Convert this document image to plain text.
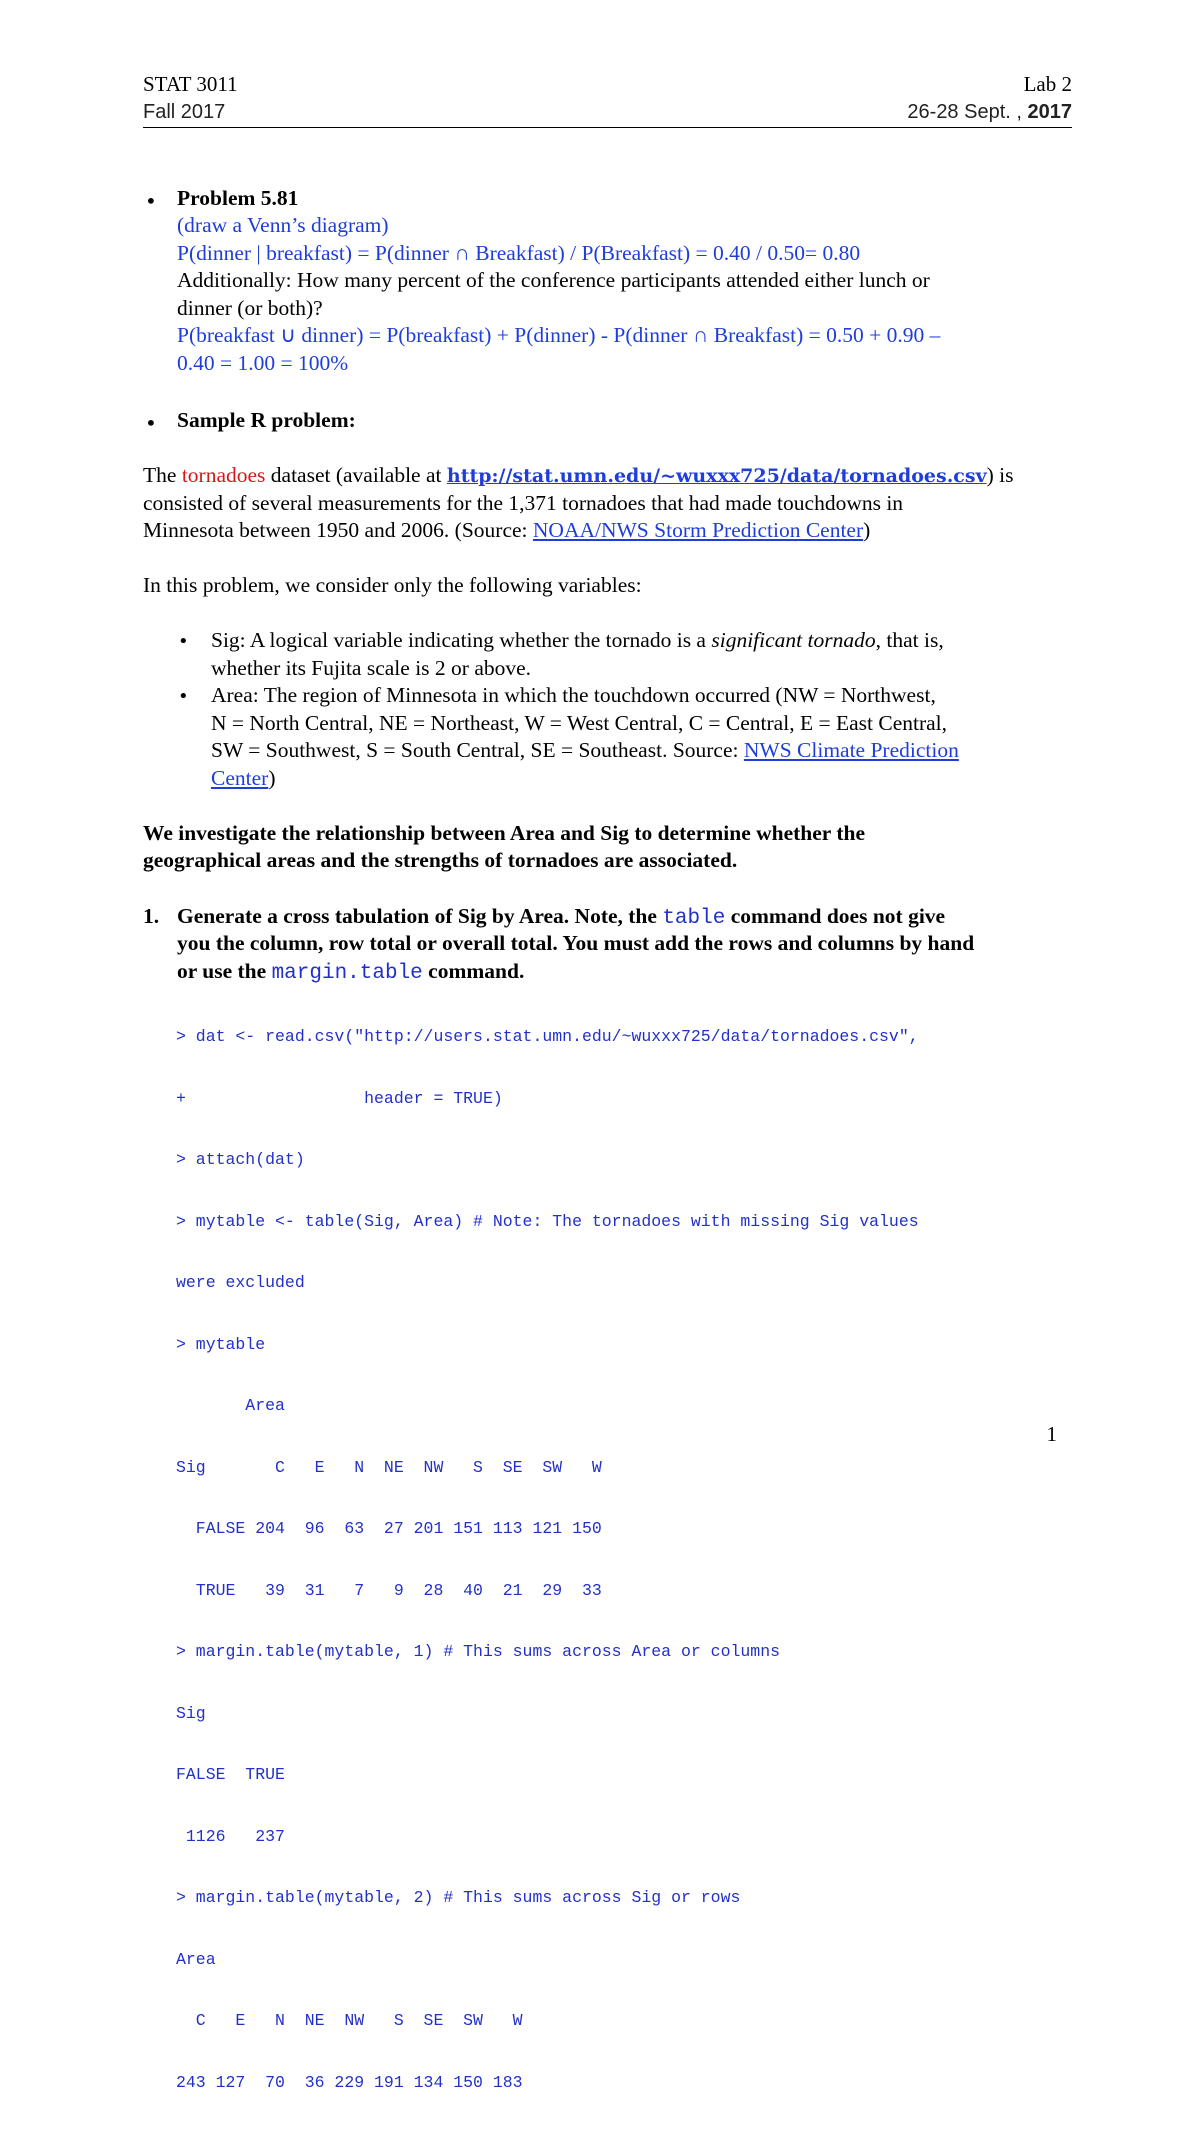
STAT 3011	Lab 2
Fall 2017	26-28 Sept. , 2017
• Problem 5.81
(draw a Venn’s diagram)
P(dinner | breakfast) = P(dinner ∩ Breakfast) / P(Breakfast) = 0.40 / 0.50= 0.80
Additionally: How many percent of the conference participants attended either lunch or
dinner (or both)?
P(breakfast ∪ dinner) = P(breakfast) + P(dinner) - P(dinner ∩ Breakfast) = 0.50 + 0.90 –
0.40 = 1.00 = 100%
• Sample R problem:
The tornadoes dataset (available at http://stat.umn.edu/~wuxxx725/data/tornadoes.csv) is
consisted of several measurements for the 1,371 tornadoes that had made touchdowns in
Minnesota between 1950 and 2006. (Source: NOAA/NWS Storm Prediction Center)
In this problem, we consider only the following variables:
• Sig: A logical variable indicating whether the tornado is a significant tornado, that is,
whether its Fujita scale is 2 or above.
• Area: The region of Minnesota in which the touchdown occurred (NW = Northwest,
N = North Central, NE = Northeast, W = West Central, C = Central, E = East Central,
SW = Southwest, S = South Central, SE = Southeast. Source: NWS Climate Prediction
Center)
We investigate the relationship between Area and Sig to determine whether the
geographical areas and the strengths of tornadoes are associated.
1. Generate a cross tabulation of Sig by Area. Note, the table command does not give
you the column, row total or overall total. You must add the rows and columns by hand
or use the margin.table command.

> dat <- read.csv("http://users.stat.umn.edu/~wuxxx725/data/tornadoes.csv",

+                  header = TRUE)

> attach(dat)

> mytable <- table(Sig, Area) # Note: The tornadoes with missing Sig values

were excluded

> mytable

Area

Sig       C   E   N  NE  NW   S  SE  SW   W

FALSE 204  96  63  27 201 151 113 121 150

TRUE   39  31   7   9  28  40  21  29  33

> margin.table(mytable, 1) # This sums across Area or columns

Sig

FALSE  TRUE

1126   237

> margin.table(mytable, 2) # This sums across Sig or rows

Area

C   E   N  NE  NW   S  SE  SW   W

243 127  70  36 229 191 134 150 183

1
